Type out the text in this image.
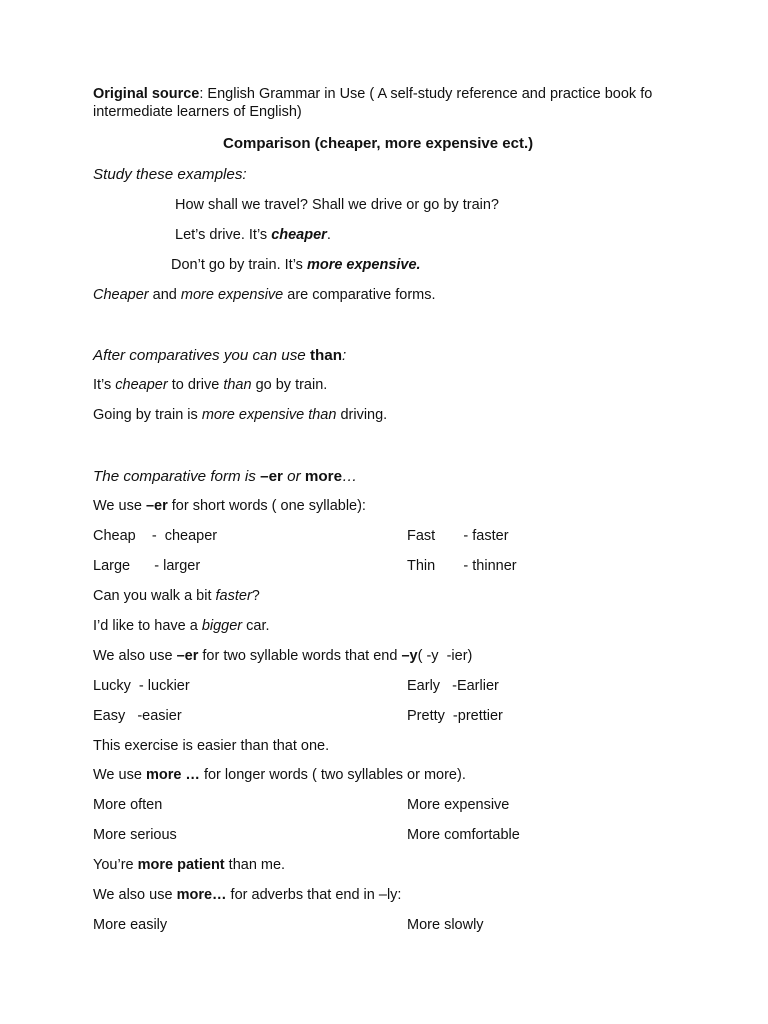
Original source: English Grammar in Use ( A self-study reference and practice book fo
intermediate learners of English)
Comparison (cheaper, more expensive ect.)
Study these examples:
How shall we travel? Shall we drive or go by train?
Let’s drive. It’s cheaper.
Don’t go by train. It’s more expensive.
Cheaper and more expensive are comparative forms.
After comparatives you can use than:
It’s cheaper to drive than go by train.
Going by train is more expensive than driving.
The comparative form is –er or more…
We use –er for short words ( one syllable):
Cheap    -  cheaper	Fast       - faster
Large      - larger	Thin       - thinner
Can you walk a bit faster?
I’d like to have a bigger car.
We also use –er for two syllable words that end –y( -y  -ier)
Lucky  - luckier	Early   -Earlier
Easy   -easier	Pretty  -prettier
This exercise is easier than that one.
We use more … for longer words ( two syllables or more).
More often	More expensive
More serious	More comfortable
You’re more patient than me.
We also use more… for adverbs that end in –ly:
More easily	More slowly
